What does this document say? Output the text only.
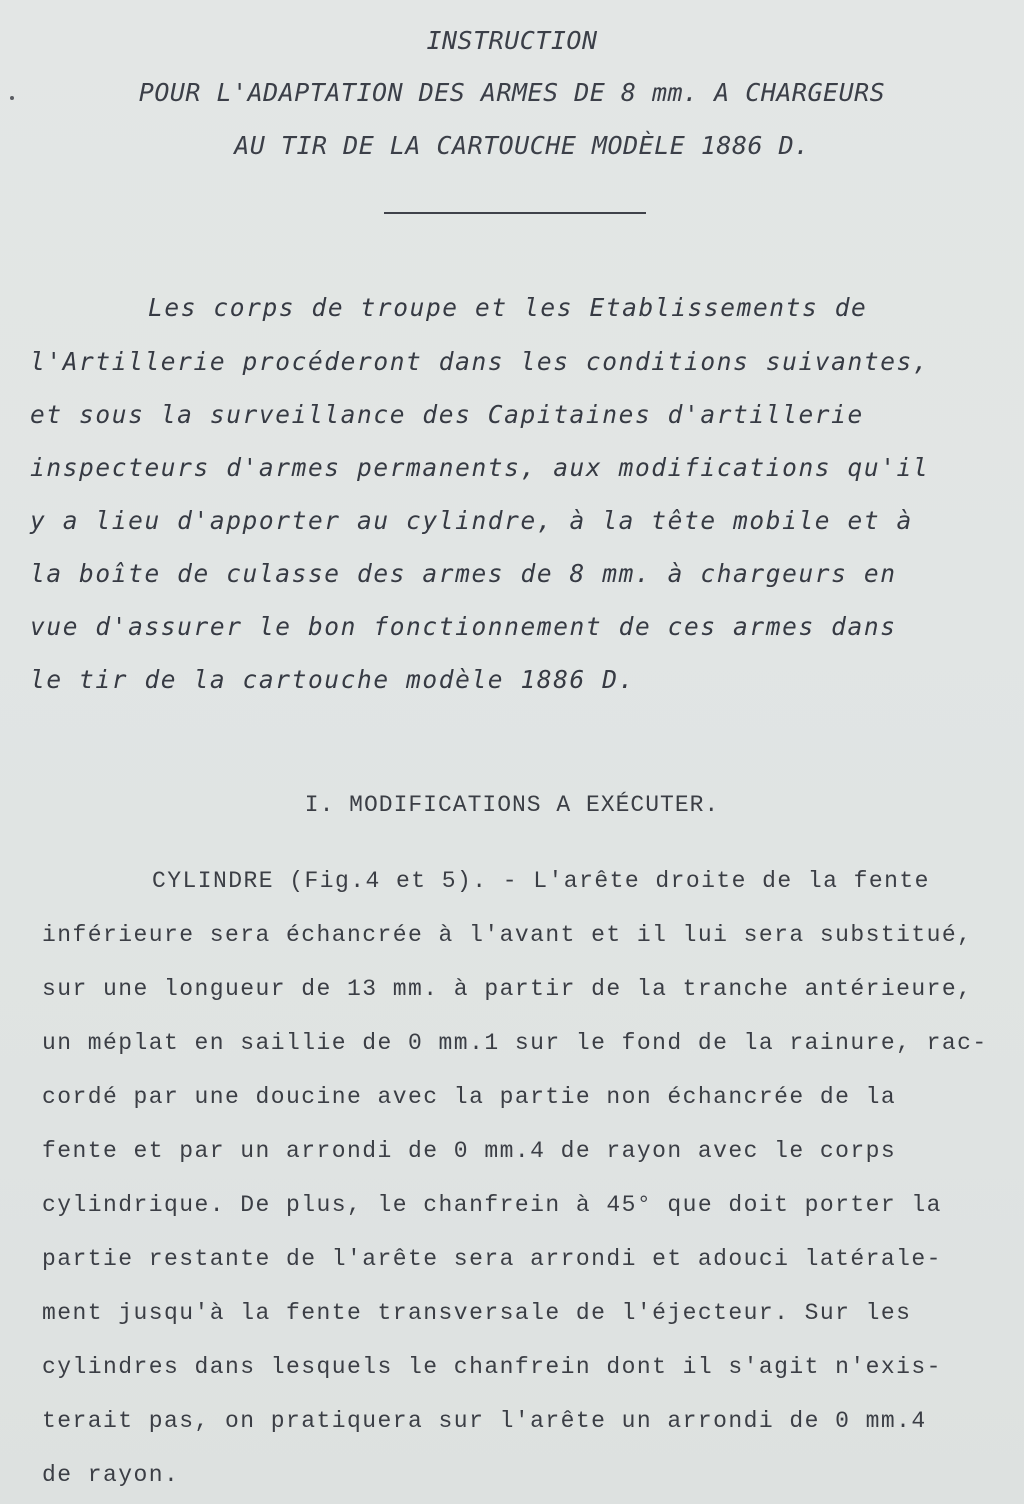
INSTRUCTION
POUR L'ADAPTATION DES ARMES DE 8 mm. A CHARGEURS
AU TIR DE LA CARTOUCHE MODÈLE 1886 D.
Les corps de troupe et les Etablissements de
l'Artillerie procéderont dans les conditions suivantes,
et sous la surveillance des Capitaines d'artillerie
inspecteurs d'armes permanents, aux modifications qu'il
y a lieu d'apporter au cylindre, à la tête mobile et à
la boîte de culasse des armes de 8 mm. à chargeurs en
vue d'assurer le bon fonctionnement de ces armes dans
le tir de la cartouche modèle 1886 D.
I. MODIFICATIONS A EXÉCUTER.
CYLINDRE (Fig.4 et 5). - L'arête droite de la fente
inférieure sera échancrée à l'avant et il lui sera substitué,
sur une longueur de 13 mm. à partir de la tranche antérieure,
un méplat en saillie de 0 mm.1 sur le fond de la rainure, rac-
cordé par une doucine avec la partie non échancrée de la
fente et par un arrondi de 0 mm.4 de rayon avec le corps
cylindrique. De plus, le chanfrein à 45° que doit porter la
partie restante de l'arête sera arrondi et adouci latérale-
ment jusqu'à la fente transversale de l'éjecteur. Sur les
cylindres dans lesquels le chanfrein dont il s'agit n'exis-
terait pas, on pratiquera sur l'arête un arrondi de 0 mm.4
de rayon.
